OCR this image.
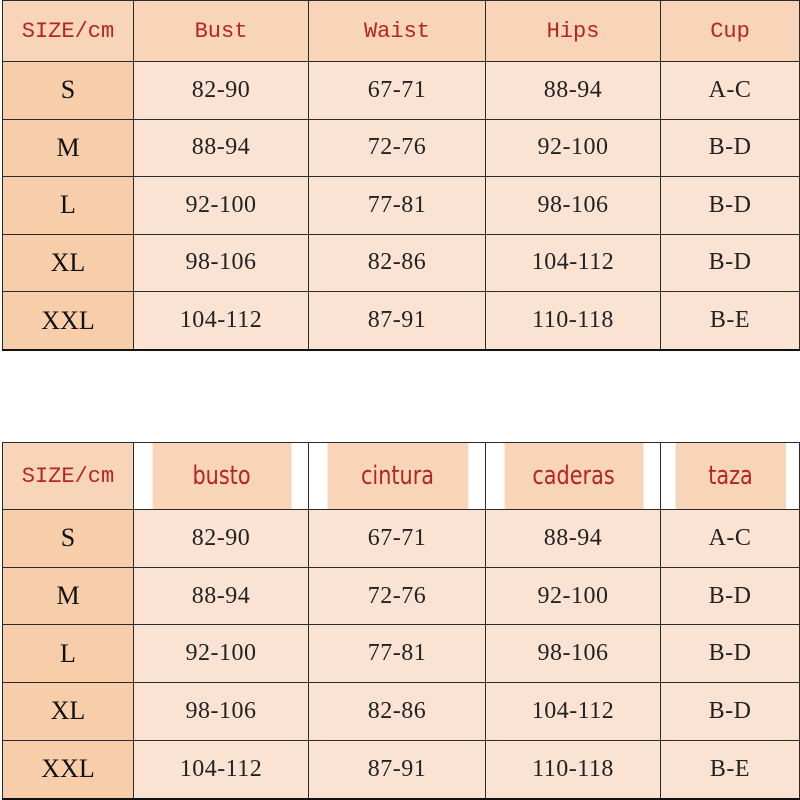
SIZE/cm	Bust	Waist	Hips	Cup
S	82-90	67-71	88-94	A-C
M	88-94	72-76	92-100	B-D
L	92-100	77-81	98-106	B-D
XL	98-106	82-86	104-112	B-D
XXL	104-112	87-91	110-118	B-E
SIZE/cm	busto	cintura	caderas	taza
S	82-90	67-71	88-94	A-C
M	88-94	72-76	92-100	B-D
L	92-100	77-81	98-106	B-D
XL	98-106	82-86	104-112	B-D
XXL	104-112	87-91	110-118	B-E
